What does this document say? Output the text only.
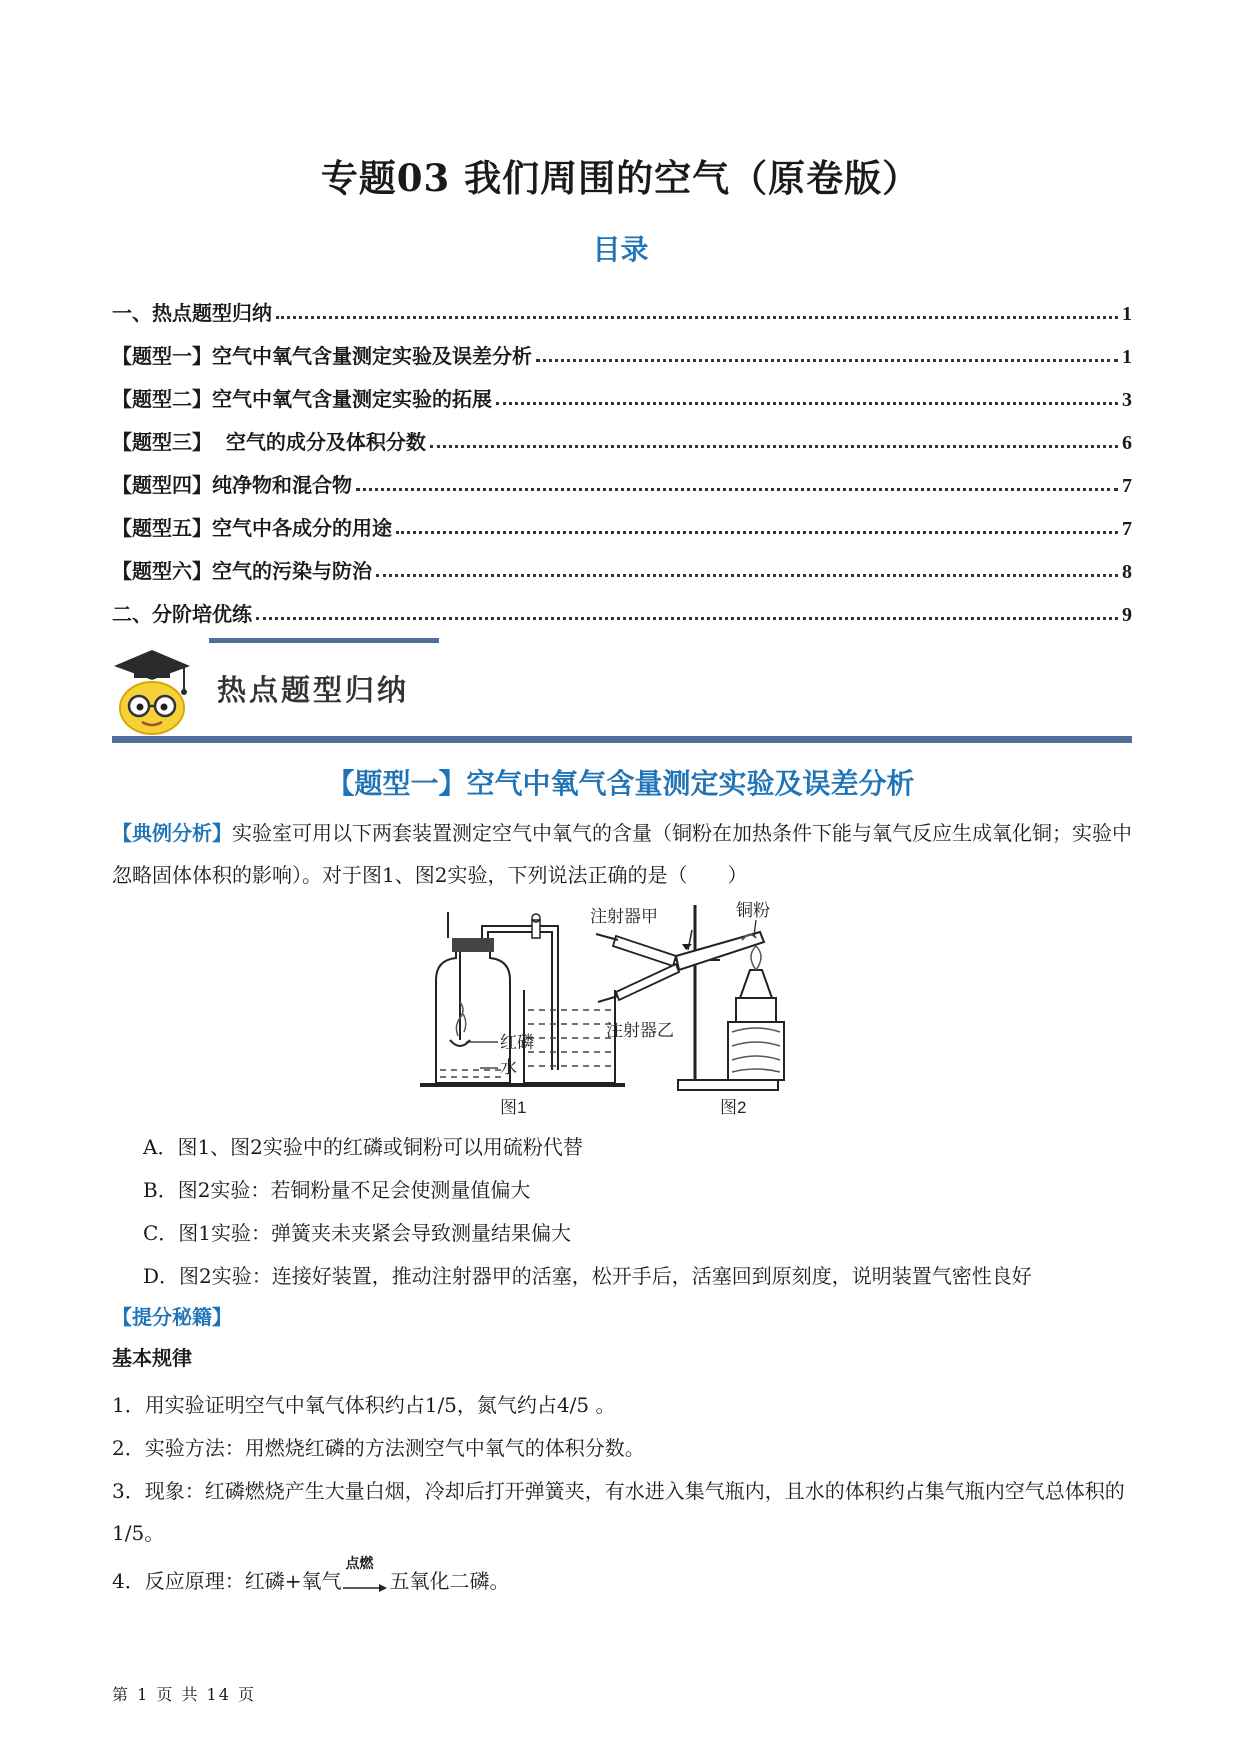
专题03 我们周围的空气（原卷版）
目录
一、热点题型归纳	1
【题型一】空气中氧气含量测定实验及误差分析	1
【题型二】空气中氧气含量测定实验的拓展	3
【题型三】  空气的成分及体积分数	6
【题型四】纯净物和混合物	7
【题型五】空气中各成分的用途	7
【题型六】空气的污染与防治	8
二、分阶培优练	9
热点题型归纳
【题型一】空气中氧气含量测定实验及误差分析
【典例分析】实验室可用以下两套装置测定空气中氧气的含量（铜粉在加热条件下能与氧气反应生成氧化铜；实验中忽略固体体积的影响）。对于图1、图2实验，下列说法正确的是（　　）
红磷
水
图1
注射器甲	铜粉
注射器乙
图2
A．图1、图2实验中的红磷或铜粉可以用硫粉代替
B．图2实验：若铜粉量不足会使测量值偏大
C．图1实验：弹簧夹未夹紧会导致测量结果偏大
D．图2实验：连接好装置，推动注射器甲的活塞，松开手后，活塞回到原刻度，说明装置气密性良好
【提分秘籍】
基本规律
1．用实验证明空气中氧气体积约占1/5，氮气约占4/5 。
2．实验方法：用燃烧红磷的方法测空气中氧气的体积分数。
3．现象：红磷燃烧产生大量白烟，冷却后打开弹簧夹，有水进入集气瓶内，且水的体积约占集气瓶内空气总体积的1/5。
4．反应原理：红磷+氧气
点燃
五氧化二磷。
第 1 页 共 14 页
